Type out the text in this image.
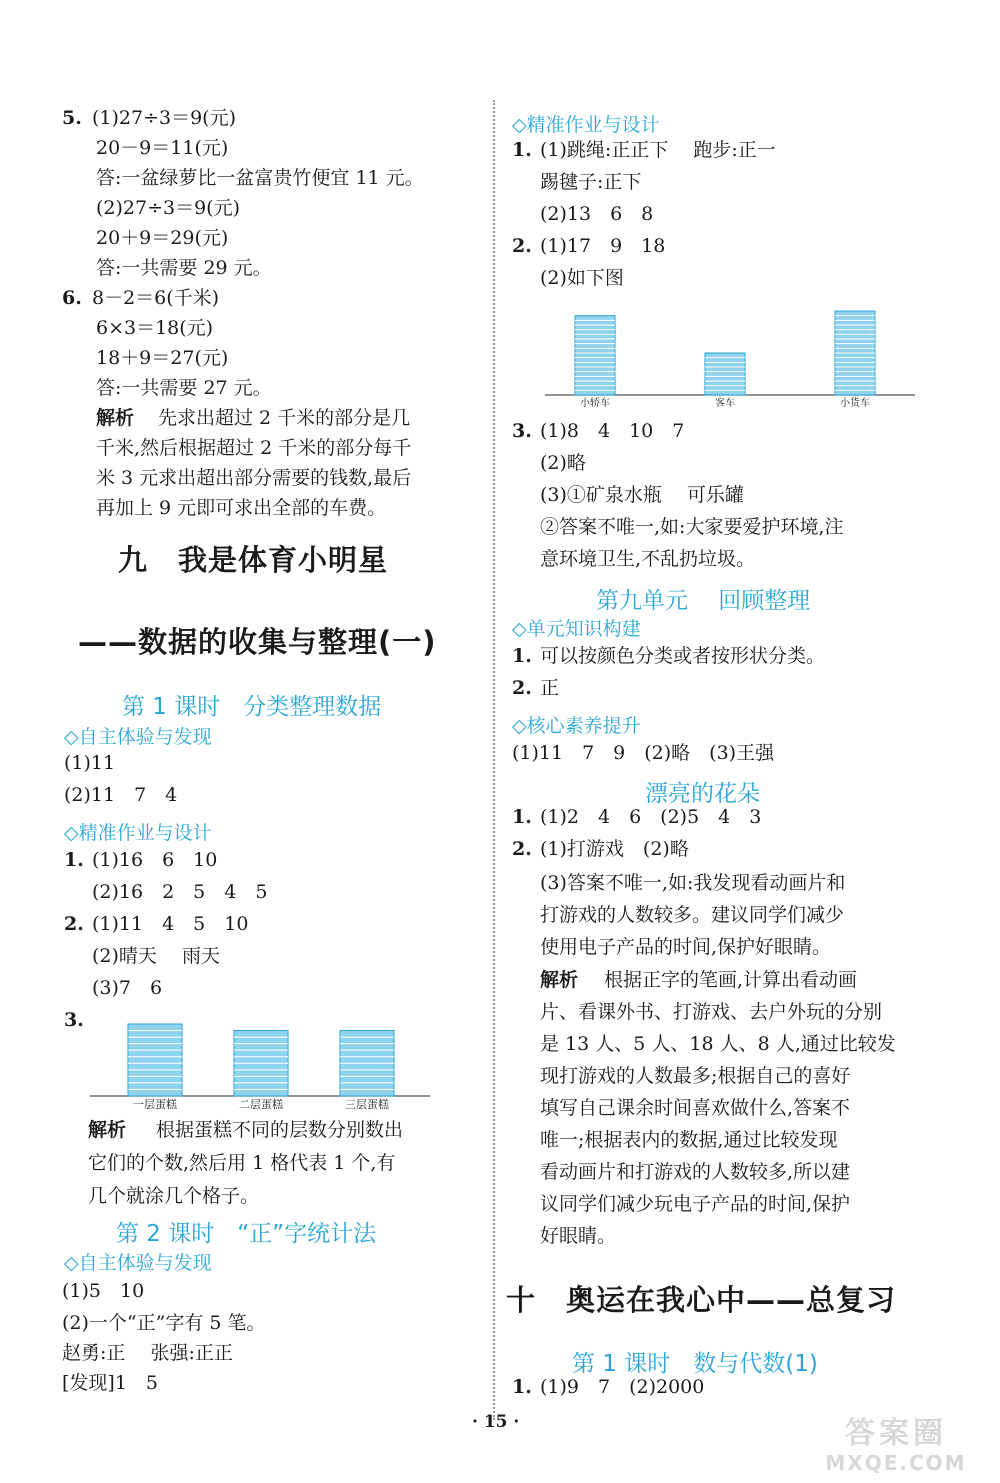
5. (1)27÷3＝9(元)
20－9＝11(元)
答:一盆绿萝比一盆富贵竹便宜 11 元。
(2)27÷3＝9(元)
20＋9＝29(元)
答:一共需要 29 元。
6. 8－2＝6(千米)
6×3＝18(元)
18＋9＝27(元)
答:一共需要 27 元。
解析 先求出超过 2 千米的部分是几
千米,然后根据超过 2 千米的部分每千
米 3 元求出超出部分需要的钱数,最后
再加上 9 元即可求出全部的车费。
九　我是体育小明星
——数据的收集与整理(一)
第 1 课时　分类整理数据
◇自主体验与发现
(1)11
(2)11　7　4
◇精准作业与设计
1. (1)16　6　10
(2)16　2　5　4　5
2. (1)11　4　5　10
(2)晴天　 雨天
(3)7　6
3.
一层蛋糕	二层蛋糕	三层蛋糕
解析 根据蛋糕不同的层数分别数出
它们的个数,然后用 1 格代表 1 个,有
几个就涂几个格子。
第 2 课时　“正”字统计法
◇自主体验与发现
(1)5　10
(2)一个“正”字有 5 笔。
赵勇:正　 张强:正正
[发现]1　5
◇精准作业与设计
1. (1)跳绳:正正下　 跑步:正一
踢毽子:正下
(2)13　6　8
2. (1)17　9　18
(2)如下图
小轿车	客车	小货车
3. (1)8　4　10　7
(2)略
(3)①矿泉水瓶　 可乐罐
②答案不唯一,如:大家要爱护环境,注
意环境卫生,不乱扔垃圾。
第九单元　 回顾整理
◇单元知识构建
1. 可以按颜色分类或者按形状分类。
2. 正
◇核心素养提升
(1)11　7　9　(2)略　(3)王强
漂亮的花朵
1. (1)2　4　6　(2)5　4　3
2. (1)打游戏　(2)略
(3)答案不唯一,如:我发现看动画片和
打游戏的人数较多。建议同学们减少
使用电子产品的时间,保护好眼睛。
解析 根据正字的笔画,计算出看动画
片、看课外书、打游戏、去户外玩的分别
是 13 人、5 人、18 人、8 人,通过比较发
现打游戏的人数最多;根据自己的喜好
填写自己课余时间喜欢做什么,答案不
唯一;根据表内的数据,通过比较发现
看动画片和打游戏的人数较多,所以建
议同学们减少玩电子产品的时间,保护
好眼睛。
十　奥运在我心中——总复习
第 1 课时　数与代数(1)
1. (1)9　7　(2)2000
· 15 ·	答案圈
MXQE.COM
